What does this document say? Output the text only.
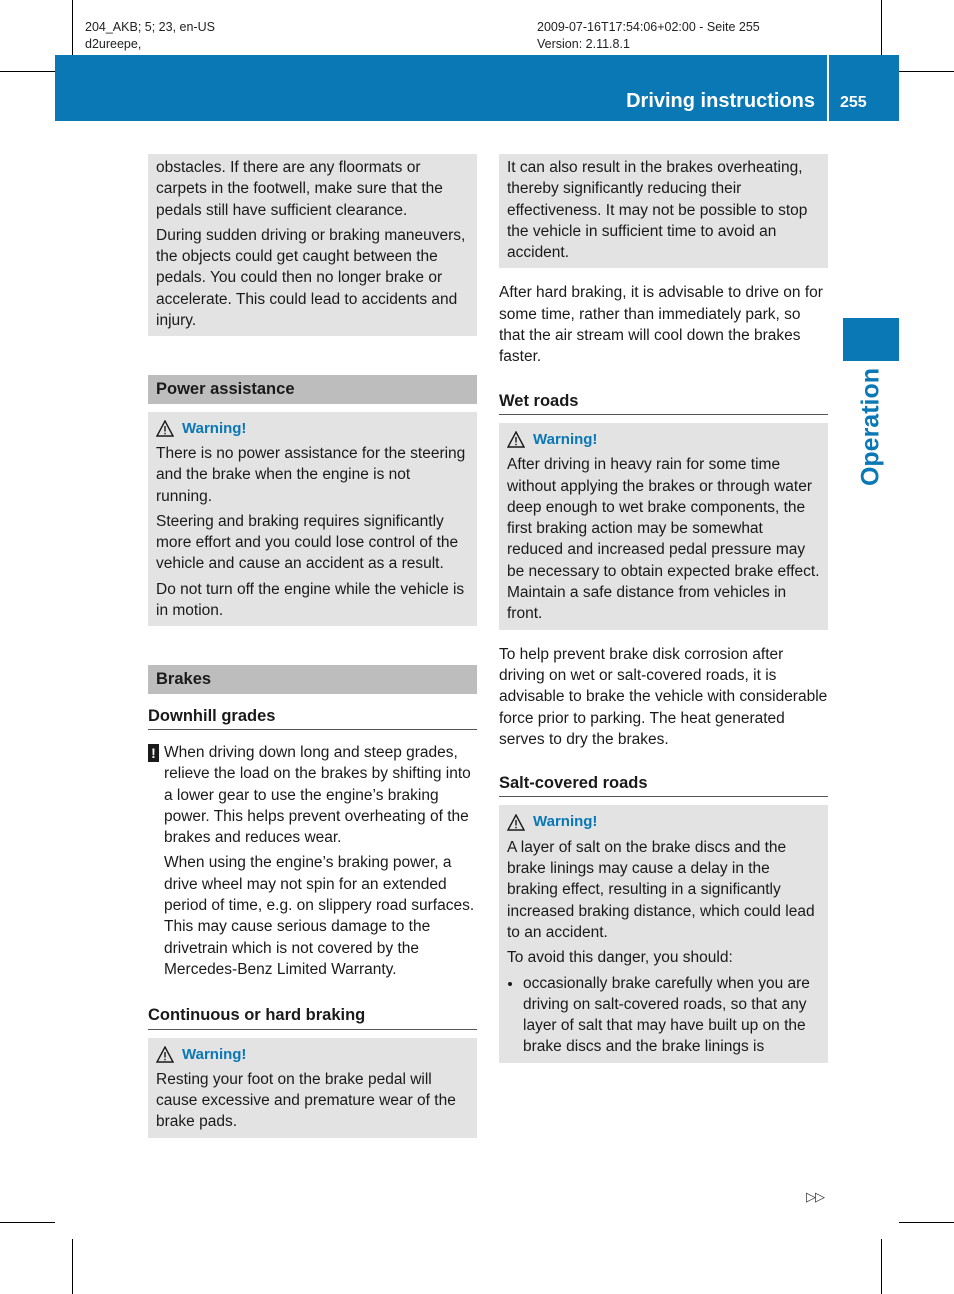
204_AKB; 5; 23, en-US
d2ureepe,
2009-07-16T17:54:06+02:00 - Seite 255
Version: 2.11.8.1
Driving instructions 255
Operation

obstacles. If there are any floormats or carpets in the footwell, make sure that the pedals still have sufficient clearance.

During sudden driving or braking maneuvers, the objects could get caught between the pedals. You could then no longer brake or accelerate. This could lead to accidents and injury.

Power assistance
Warning!

There is no power assistance for the steering and the brake when the engine is not running.

Steering and braking requires significantly more effort and you could lose control of the vehicle and cause an accident as a result.

Do not turn off the engine while the vehicle is in motion.

Brakes
Downhill grades
! When driving down long and steep grades, relieve the load on the brakes by shifting into a lower gear to use the engine’s braking power. This helps prevent overheating of the brakes and reduces wear.

When using the engine’s braking power, a drive wheel may not spin for an extended period of time, e.g. on slippery road surfaces. This may cause serious damage to the drivetrain which is not covered by the Mercedes-Benz Limited Warranty.

Continuous or hard braking
Warning!

Resting your foot on the brake pedal will cause excessive and premature wear of the brake pads.

It can also result in the brakes overheating, thereby significantly reducing their effectiveness. It may not be possible to stop the vehicle in sufficient time to avoid an accident.

After hard braking, it is advisable to drive on for some time, rather than immediately park, so that the air stream will cool down the brakes faster.

Wet roads
Warning!

After driving in heavy rain for some time without applying the brakes or through water deep enough to wet brake components, the first braking action may be somewhat reduced and increased pedal pressure may be necessary to obtain expected brake effect. Maintain a safe distance from vehicles in front.

To help prevent brake disk corrosion after driving on wet or salt-covered roads, it is advisable to brake the vehicle with considerable force prior to parking. The heat generated serves to dry the brakes.

Salt-covered roads
Warning!

A layer of salt on the brake discs and the brake linings may cause a delay in the braking effect, resulting in a significantly increased braking distance, which could lead to an accident.

To avoid this danger, you should:

• occasionally brake carefully when you are driving on salt-covered roads, so that any layer of salt that may have built up on the brake discs and the brake linings is
▷▷
